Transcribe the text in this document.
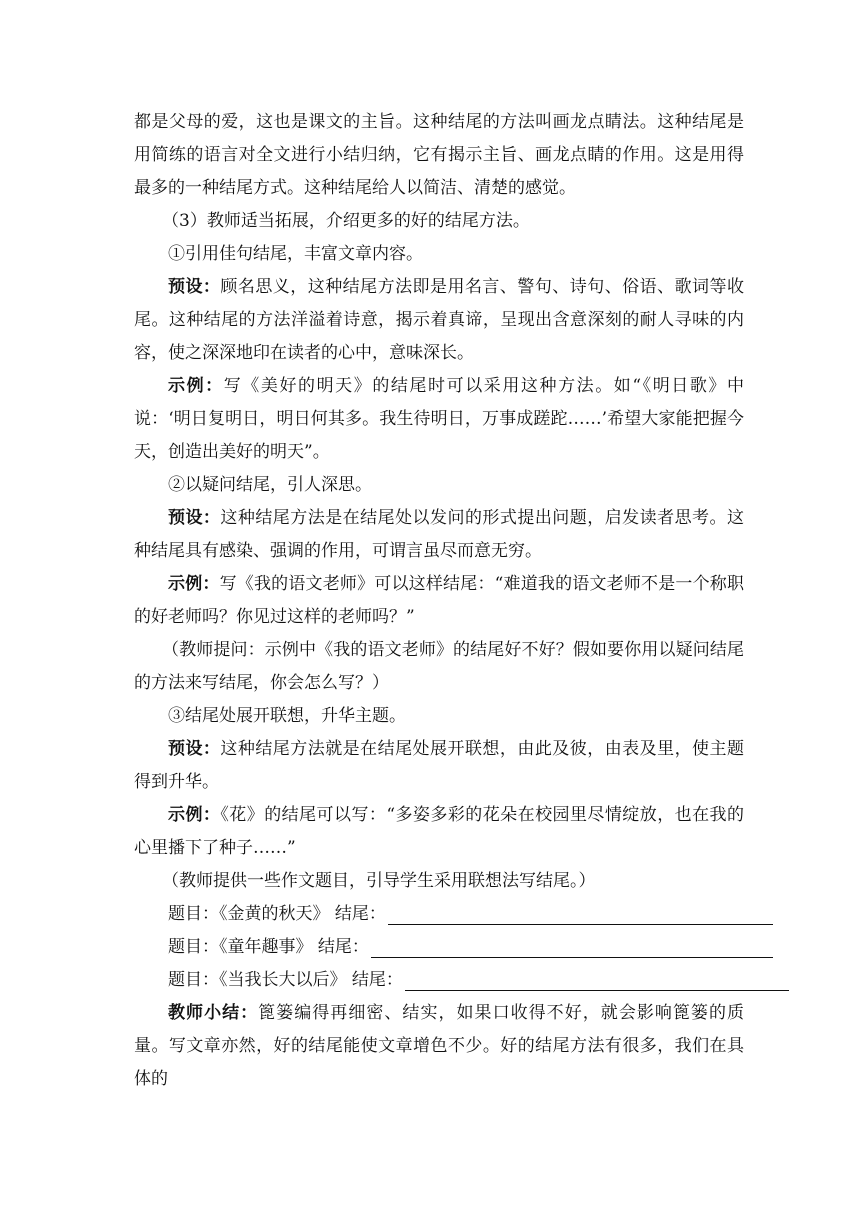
都是父母的爱，这也是课文的主旨。这种结尾的方法叫画龙点睛法。这种结尾是用简练的语言对全文进行小结归纳，它有揭示主旨、画龙点睛的作用。这是用得最多的一种结尾方式。这种结尾给人以简洁、清楚的感觉。

（3）教师适当拓展，介绍更多的好的结尾方法。

①引用佳句结尾，丰富文章内容。

预设：顾名思义，这种结尾方法即是用名言、警句、诗句、俗语、歌词等收尾。这种结尾的方法洋溢着诗意，揭示着真谛，呈现出含意深刻的耐人寻味的内容，使之深深地印在读者的心中，意味深长。

示例：写《美好的明天》的结尾时可以采用这种方法。如“《明日歌》中说：‘明日复明日，明日何其多。我生待明日，万事成蹉跎……’希望大家能把握今天，创造出美好的明天”。

②以疑问结尾，引人深思。

预设：这种结尾方法是在结尾处以发问的形式提出问题，启发读者思考。这种结尾具有感染、强调的作用，可谓言虽尽而意无穷。

示例：写《我的语文老师》可以这样结尾：“难道我的语文老师不是一个称职的好老师吗？你见过这样的老师吗？”

（教师提问：示例中《我的语文老师》的结尾好不好？假如要你用以疑问结尾的方法来写结尾，你会怎么写？）

③结尾处展开联想，升华主题。

预设：这种结尾方法就是在结尾处展开联想，由此及彼，由表及里，使主题得到升华。

示例：《花》的结尾可以写：“多姿多彩的花朵在校园里尽情绽放，也在我的心里播下了种子……”

（教师提供一些作文题目，引导学生采用联想法写结尾。）

题目：《金黄的秋天》 结尾：
题目：《童年趣事》 结尾：
题目：《当我长大以后》 结尾：

教师小结：篦篓编得再细密、结实，如果口收得不好，就会影响篦篓的质量。写文章亦然，好的结尾能使文章增色不少。好的结尾方法有很多，我们在具体的
